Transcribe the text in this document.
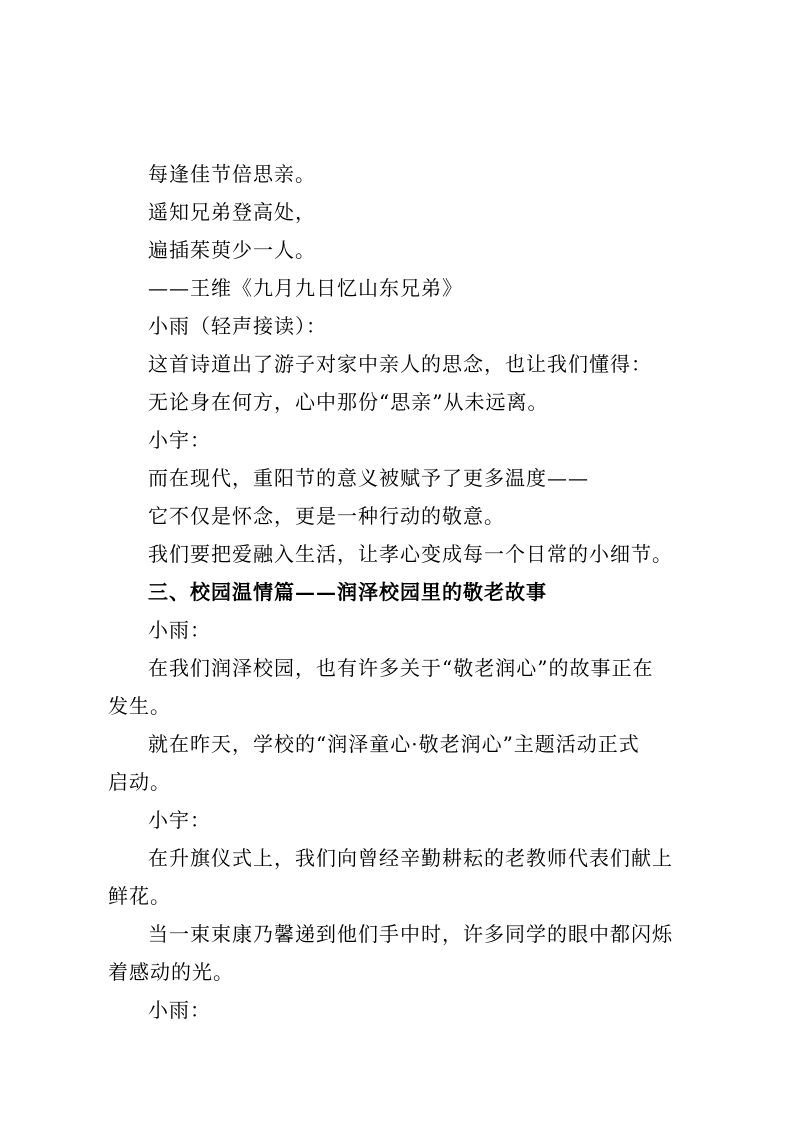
每逢佳节倍思亲。
遥知兄弟登高处，
遍插茱萸少一人。
——王维《九月九日忆山东兄弟》
小雨（轻声接读）：
这首诗道出了游子对家中亲人的思念，也让我们懂得：
无论身在何方，心中那份“思亲”从未远离。
小宇：
而在现代，重阳节的意义被赋予了更多温度——
它不仅是怀念，更是一种行动的敬意。
我们要把爱融入生活，让孝心变成每一个日常的小细节。
三、校园温情篇——润泽校园里的敬老故事
小雨：
在我们润泽校园，也有许多关于“敬老润心”的故事正在
发生。
就在昨天，学校的“润泽童心·敬老润心”主题活动正式
启动。
小宇：
在升旗仪式上，我们向曾经辛勤耕耘的老教师代表们献上
鲜花。
当一束束康乃馨递到他们手中时，许多同学的眼中都闪烁
着感动的光。
小雨：
